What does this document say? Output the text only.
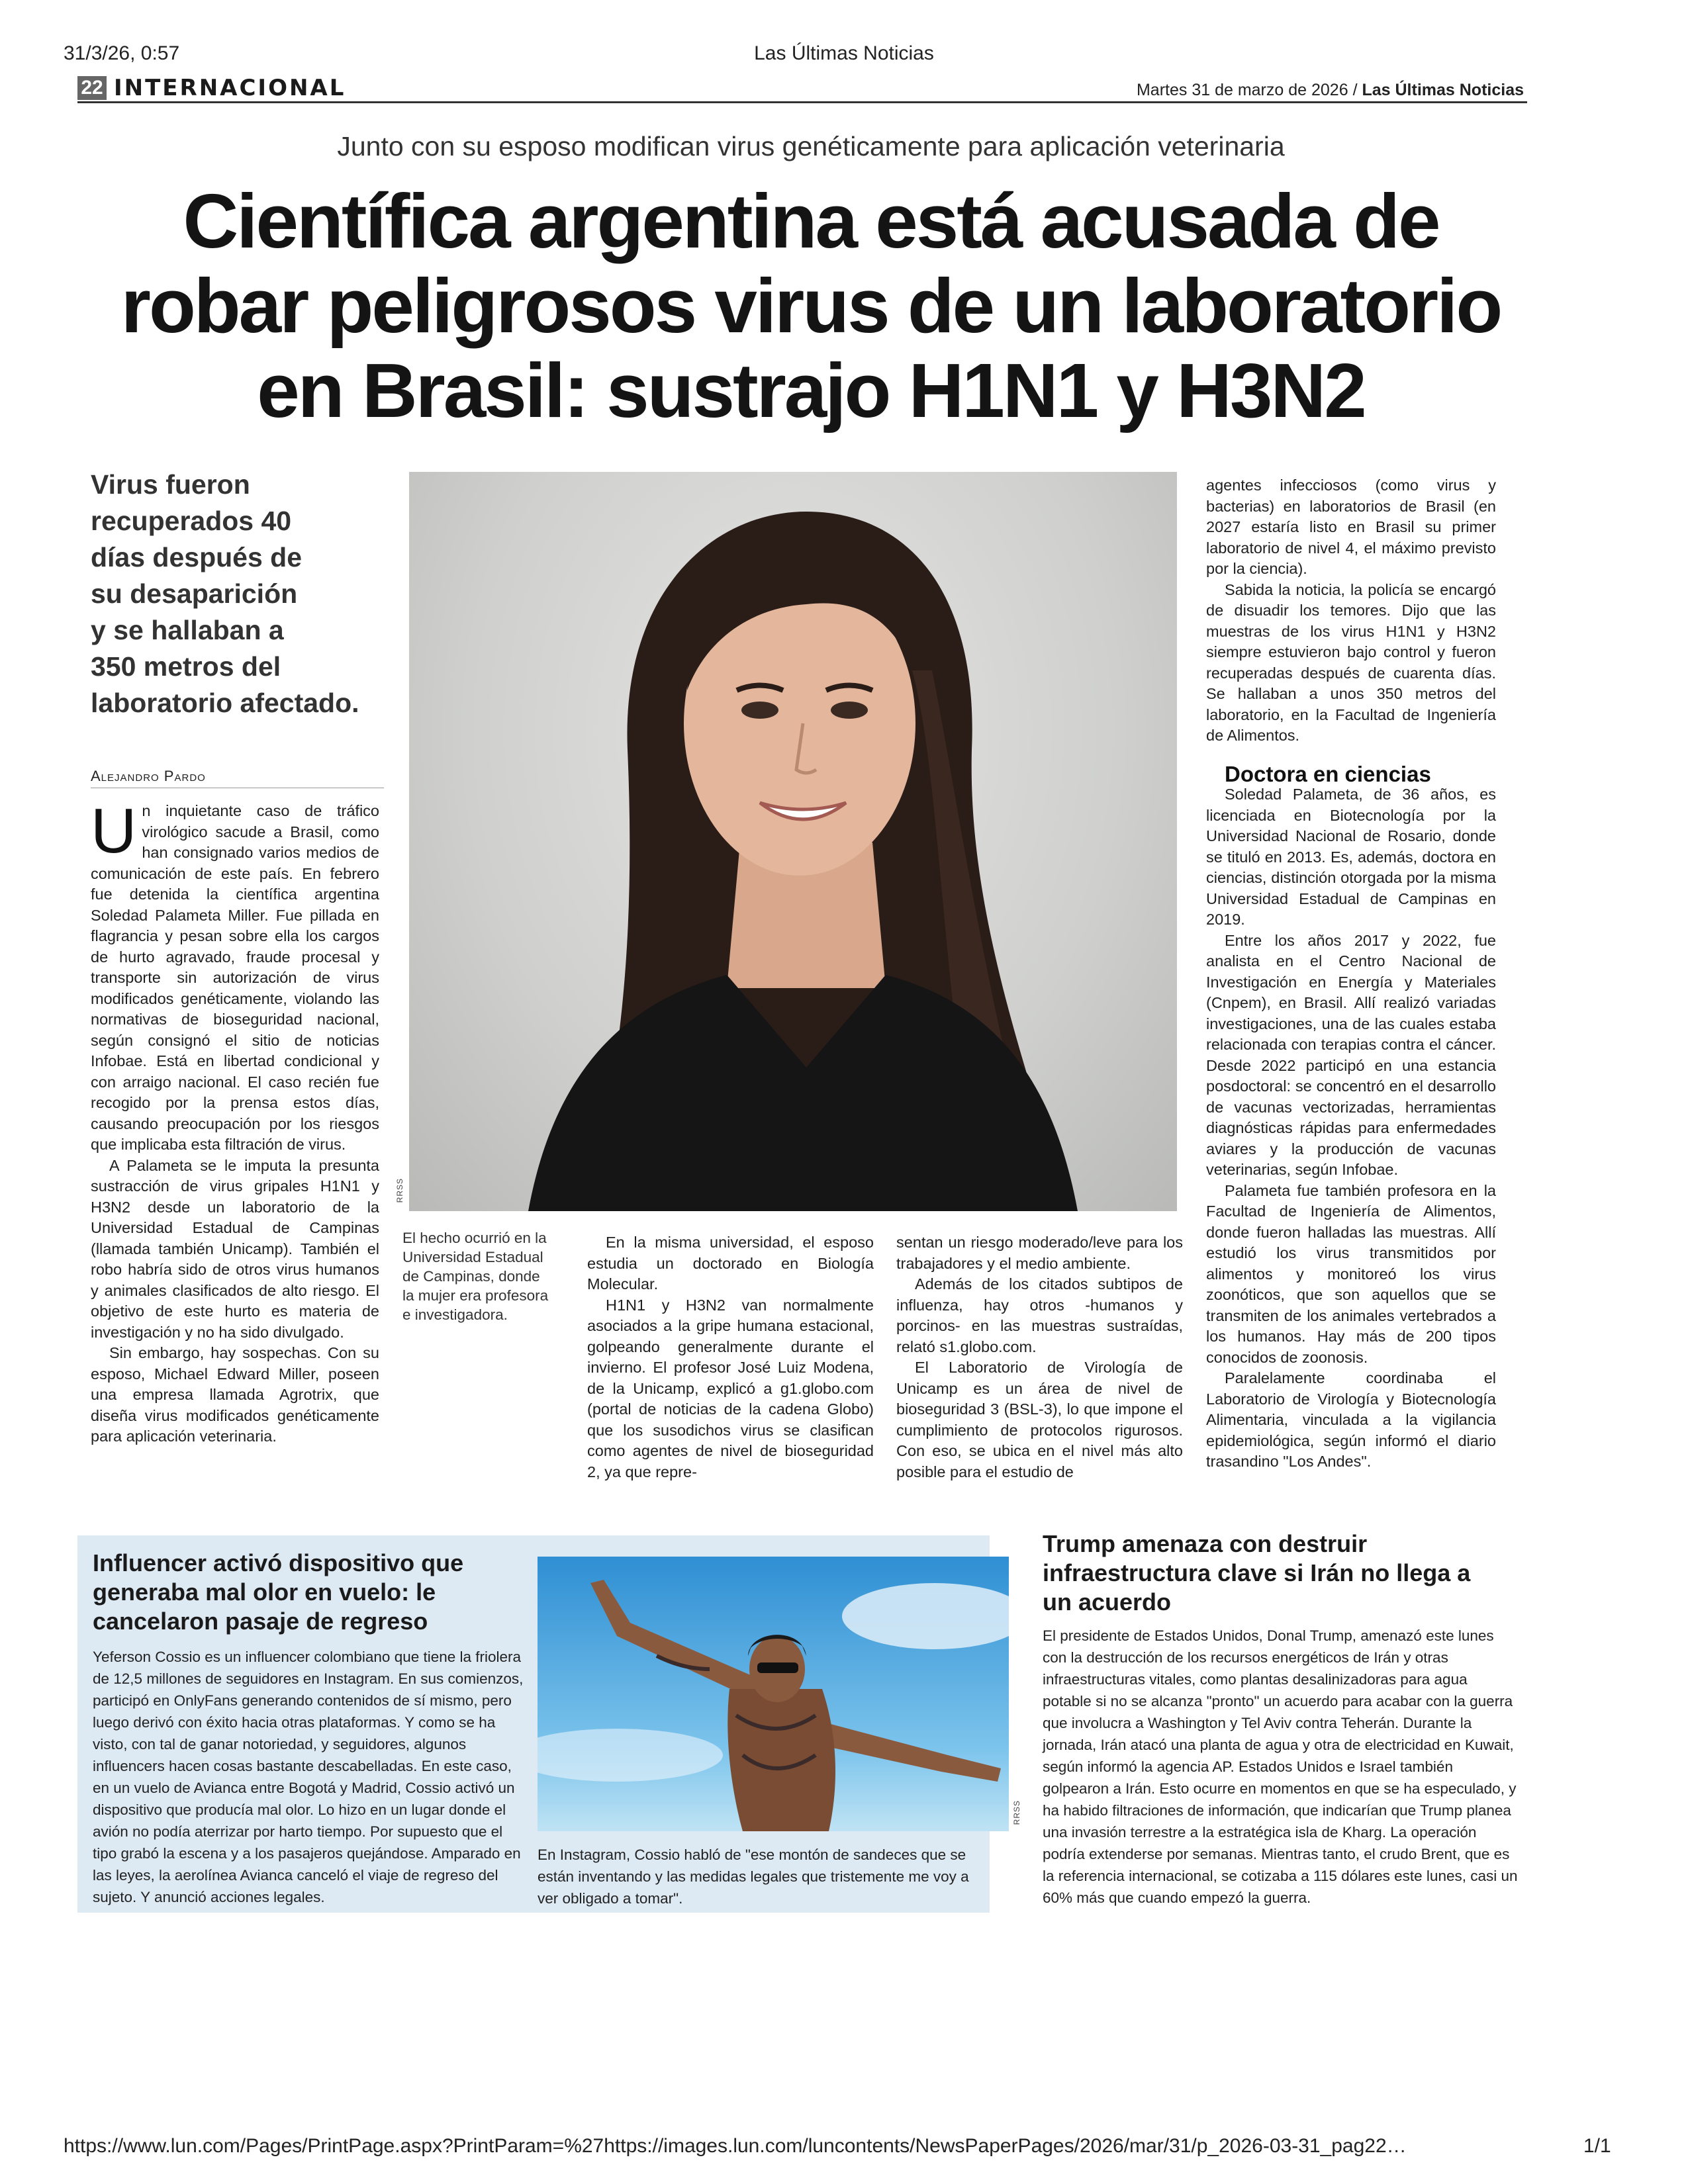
31/3/26, 0:57	Las Últimas Noticias
22 INTERNACIONAL	Martes 31 de marzo de 2026 / Las Últimas Noticias
Junto con su esposo modifican virus genéticamente para aplicación veterinaria
Científica argentina está acusada de
robar peligrosos virus de un laboratorio
en Brasil: sustrajo H1N1 y H3N2
Virus fueron
recuperados 40
días después de
su desaparición
y se hallaban a
350 metros del
laboratorio afectado.
Alejandro Pardo

Un inquietante caso de tráfico virológico sacude a Brasil, como han consignado varios medios de comunicación de este país. En febrero fue detenida la científica argentina Soledad Palameta Miller. Fue pillada en flagrancia y pesan sobre ella los cargos de hurto agravado, fraude procesal y transporte sin autorización de virus modificados genéticamente, violando las normativas de bioseguridad nacional, según consignó el sitio de noticias Infobae. Está en libertad condicional y con arraigo nacional. El caso recién fue recogido por la prensa estos días, causando preocupación por los riesgos que implicaba esta filtración de virus.

A Palameta se le imputa la presunta sustracción de virus gripales H1N1 y H3N2 desde un laboratorio de la Universidad Estadual de Campinas (llamada también Unicamp). También el robo habría sido de otros virus humanos y animales clasificados de alto riesgo. El objetivo de este hurto es materia de investigación y no ha sido divulgado.

Sin embargo, hay sospechas. Con su esposo, Michael Edward Miller, poseen una empresa llamada Agrotrix, que diseña virus modificados genéticamente para aplicación veterinaria.

RRSS
El hecho ocurrió en la Universidad Estadual de Campinas, donde la mujer era profesora e investigadora.

En la misma universidad, el esposo estudia un doctorado en Biología Molecular.

H1N1 y H3N2 van normalmente asociados a la gripe humana estacional, golpeando generalmente durante el invierno. El profesor José Luiz Modena, de la Unicamp, explicó a g1.globo.com (portal de noticias de la cadena Globo) que los susodichos virus se clasifican como agentes de nivel de bioseguridad 2, ya que repre-

sentan un riesgo moderado/leve para los trabajadores y el medio ambiente.

Además de los citados subtipos de influenza, hay otros -humanos y porcinos- en las muestras sustraídas, relató s1.globo.com.

El Laboratorio de Virología de Unicamp es un área de nivel de bioseguridad 3 (BSL-3), lo que impone el cumplimiento de protocolos rigurosos. Con eso, se ubica en el nivel más alto posible para el estudio de

agentes infecciosos (como virus y bacterias) en laboratorios de Brasil (en 2027 estaría listo en Brasil su primer laboratorio de nivel 4, el máximo previsto por la ciencia).

Sabida la noticia, la policía se encargó de disuadir los temores. Dijo que las muestras de los virus H1N1 y H3N2 siempre estuvieron bajo control y fueron recuperadas después de cuarenta días. Se hallaban a unos 350 metros del laboratorio, en la Facultad de Ingeniería de Alimentos.

Doctora en ciencias

Soledad Palameta, de 36 años, es licenciada en Biotecnología por la Universidad Nacional de Rosario, donde se tituló en 2013. Es, además, doctora en ciencias, distinción otorgada por la misma Universidad Estadual de Campinas en 2019.

Entre los años 2017 y 2022, fue analista en el Centro Nacional de Investigación en Energía y Materiales (Cnpem), en Brasil. Allí realizó variadas investigaciones, una de las cuales estaba relacionada con terapias contra el cáncer. Desde 2022 participó en una estancia posdoctoral: se concentró en el desarrollo de vacunas vectorizadas, herramientas diagnósticas rápidas para enfermedades aviares y la producción de vacunas veterinarias, según Infobae.

Palameta fue también profesora en la Facultad de Ingeniería de Alimentos, donde fueron halladas las muestras. Allí estudió los virus transmitidos por alimentos y monitoreó los virus zoonóticos, que son aquellos que se transmiten de los animales vertebrados a los humanos. Hay más de 200 tipos conocidos de zoonosis.

Paralelamente coordinaba el Laboratorio de Virología y Biotecnología Alimentaria, vinculada a la vigilancia epidemiológica, según informó el diario trasandino "Los Andes".

Influencer activó dispositivo que generaba mal olor en vuelo: le cancelaron pasaje de regreso
Yeferson Cossio es un influencer colombiano que tiene la friolera de 12,5 millones de seguidores en Instagram. En sus comienzos, participó en OnlyFans generando contenidos de sí mismo, pero luego derivó con éxito hacia otras plataformas. Y como se ha visto, con tal de ganar notoriedad, y seguidores, algunos influencers hacen cosas bastante descabelladas. En este caso, en un vuelo de Avianca entre Bogotá y Madrid, Cossio activó un dispositivo que producía mal olor. Lo hizo en un lugar donde el avión no podía aterrizar por harto tiempo. Por supuesto que el tipo grabó la escena y a los pasajeros quejándose. Amparado en las leyes, la aerolínea Avianca canceló el viaje de regreso del sujeto. Y anunció acciones legales.
RRSS
En Instagram, Cossio habló de "ese montón de sandeces que se están inventando y las medidas legales que tristemente me voy a ver obligado a tomar".
Trump amenaza con destruir infraestructura clave si Irán no llega a un acuerdo
El presidente de Estados Unidos, Donal Trump, amenazó este lunes con la destrucción de los recursos energéticos de Irán y otras infraestructuras vitales, como plantas desalinizadoras para agua potable si no se alcanza "pronto" un acuerdo para acabar con la guerra que involucra a Washington y Tel Aviv contra Teherán. Durante la jornada, Irán atacó una planta de agua y otra de electricidad en Kuwait, según informó la agencia AP. Estados Unidos e Israel también golpearon a Irán. Esto ocurre en momentos en que se ha especulado, y ha habido filtraciones de información, que indicarían que Trump planea una invasión terrestre a la estratégica isla de Kharg. La operación podría extenderse por semanas. Mientras tanto, el crudo Brent, que es la referencia internacional, se cotizaba a 115 dólares este lunes, casi un 60% más que cuando empezó la guerra.
https://www.lun.com/Pages/PrintPage.aspx?PrintParam=%27https://images.lun.com/luncontents/NewsPaperPages/2026/mar/31/p_2026-03-31_pag22…	1/1
